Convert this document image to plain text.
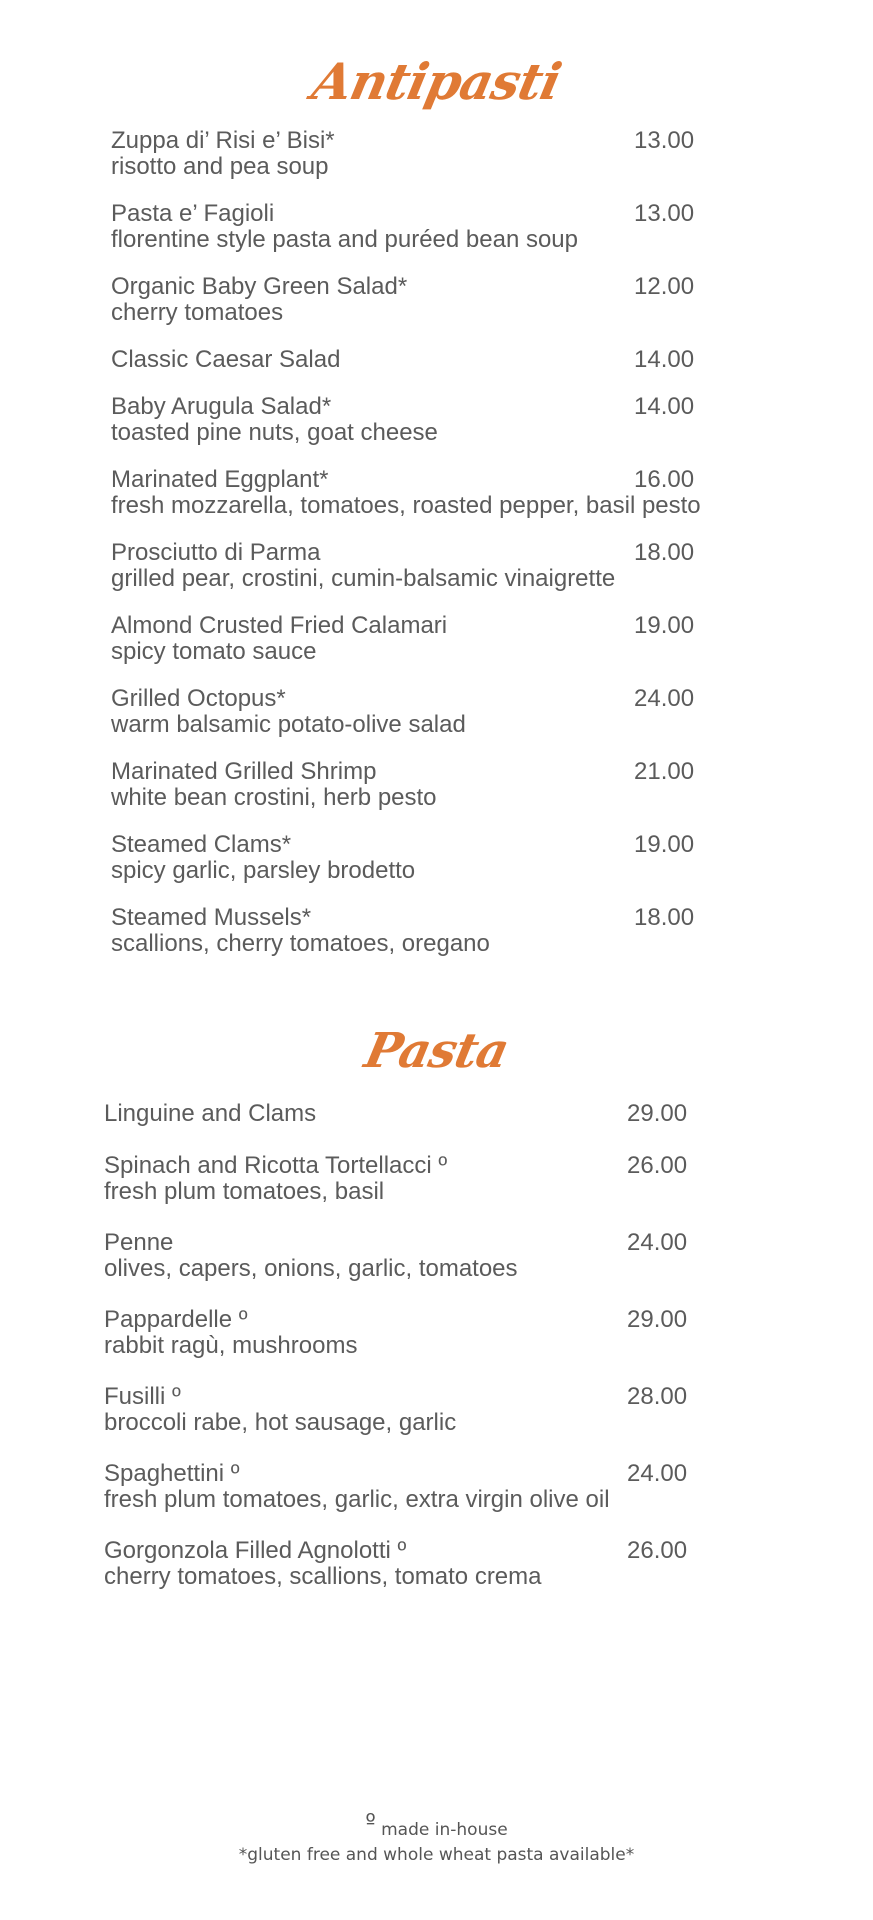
Antipasti
Zuppa di’ Risi e’ Bisi*
risotto and pea soup
13.00
Pasta e’ Fagioli
florentine style pasta and puréed bean soup
13.00
Organic Baby Green Salad*
cherry tomatoes
12.00
Classic Caesar Salad	14.00
Baby Arugula Salad*
toasted pine nuts, goat cheese
14.00
Marinated Eggplant*
fresh mozzarella, tomatoes, roasted pepper, basil pesto
16.00
Prosciutto di Parma
grilled pear, crostini, cumin-balsamic vinaigrette
18.00
Almond Crusted Fried Calamari
spicy tomato sauce
19.00
Grilled Octopus*
warm balsamic potato-olive salad
24.00
Marinated Grilled Shrimp
white bean crostini, herb pesto
21.00
Steamed Clams*
spicy garlic, parsley brodetto
19.00
Steamed Mussels*
scallions, cherry tomatoes, oregano
18.00
Pasta
Linguine and Clams	29.00
Spinach and Ricotta Tortellacci º
fresh plum tomatoes, basil
26.00
Penne
olives, capers, onions, garlic, tomatoes
24.00
Pappardelle º
rabbit ragù, mushrooms
29.00
Fusilli º
broccoli rabe, hot sausage, garlic
28.00
Spaghettini º
fresh plum tomatoes, garlic, extra virgin olive oil
24.00
Gorgonzola Filled Agnolotti º
cherry tomatoes, scallions, tomato crema
26.00
º made in-house
*gluten free and whole wheat pasta available*
